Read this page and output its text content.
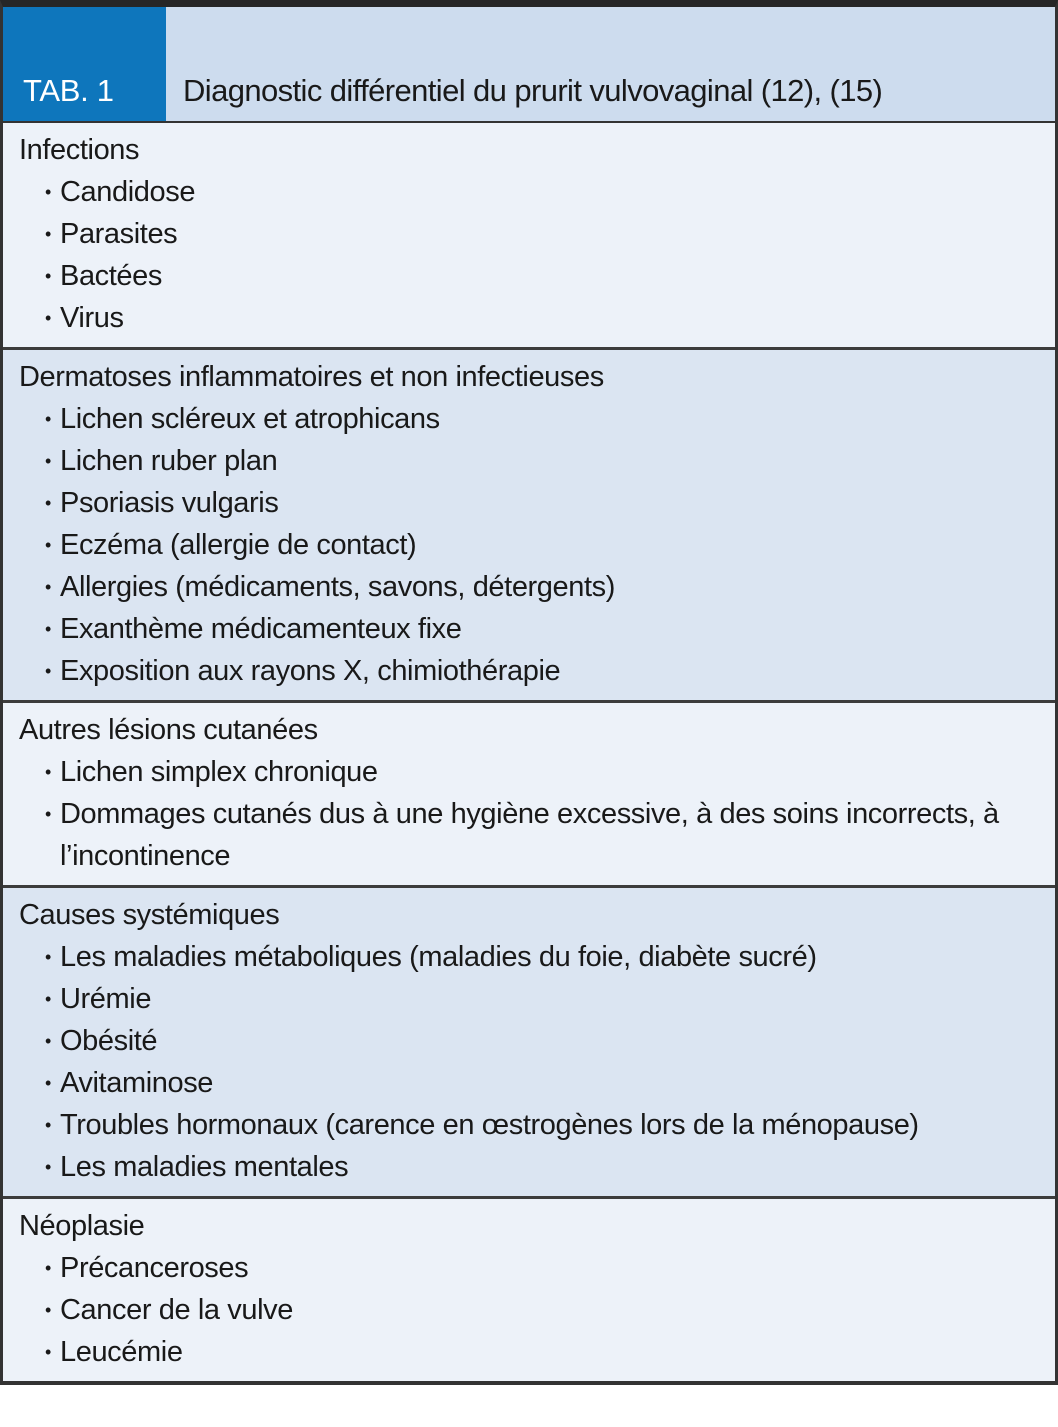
TAB. 1	Diagnostic différentiel du prurit vulvovaginal (12), (15)
Infections
• Candidose
• Parasites
• Bactées
• Virus
Dermatoses inflammatoires et non infectieuses
• Lichen scléreux et atrophicans
• Lichen ruber plan
• Psoriasis vulgaris
• Eczéma (allergie de contact)
• Allergies (médicaments, savons, détergents)
• Exanthème médicamenteux fixe
• Exposition aux rayons X, chimiothérapie
Autres lésions cutanées
• Lichen simplex chronique
• Dommages cutanés dus à une hygiène excessive, à des soins incorrects, à l’incontinence
Causes systémiques
• Les maladies métaboliques (maladies du foie, diabète sucré)
• Urémie
• Obésité
• Avitaminose
• Troubles hormonaux (carence en œstrogènes lors de la ménopause)
• Les maladies mentales
Néoplasie
• Précanceroses
• Cancer de la vulve
• Leucémie
